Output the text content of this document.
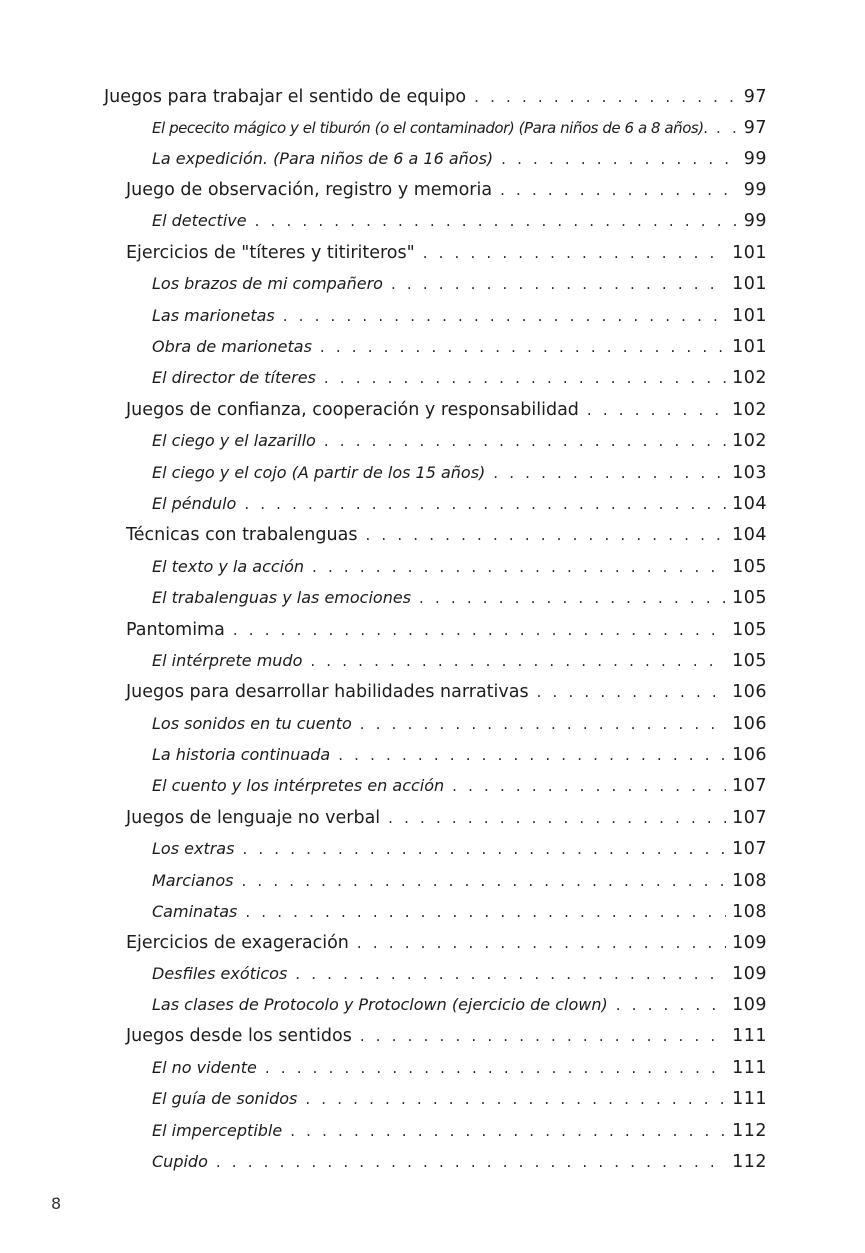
Juegos para trabajar el sentido de equipo . . .	97
El pececito mágico y el tiburón (o el contaminador) (Para niños de 6 a 8 años). . . . 97
La expedición. (Para niños de 6 a 16 años) . . .	99
Juego de observación, registro y memoria . . .	99
El detective . . .	99
Ejercicios de "títeres y titiriteros" . . .	101
Los brazos de mi compañero . . .	101
Las marionetas . . .	101
Obra de marionetas . . .	101
El director de títeres . . .	102
Juegos de confianza, cooperación y responsabilidad . . .	102
El ciego y el lazarillo . . .	102
El ciego y el cojo (A partir de los 15 años) . . .	103
El péndulo . . .	104
Técnicas con trabalenguas . . .	104
El texto y la acción . . .	105
El trabalenguas y las emociones . . .	105
Pantomima . . .	105
El intérprete mudo . . .	105
Juegos para desarrollar habilidades narrativas . . .	106
Los sonidos en tu cuento . . .	106
La historia continuada . . .	106
El cuento y los intérpretes en acción . . .	107
Juegos de lenguaje no verbal . . .	107
Los extras . . .	107
Marcianos . . .	108
Caminatas . . .	108
Ejercicios de exageración . . .	109
Desfiles exóticos . . .	109
Las clases de Protocolo y Protoclown (ejercicio de clown) . . .	109
Juegos desde los sentidos . . .	111
El no vidente . . .	111
El guía de sonidos . . .	111
El imperceptible . . .	112
Cupido . . .	112
8
